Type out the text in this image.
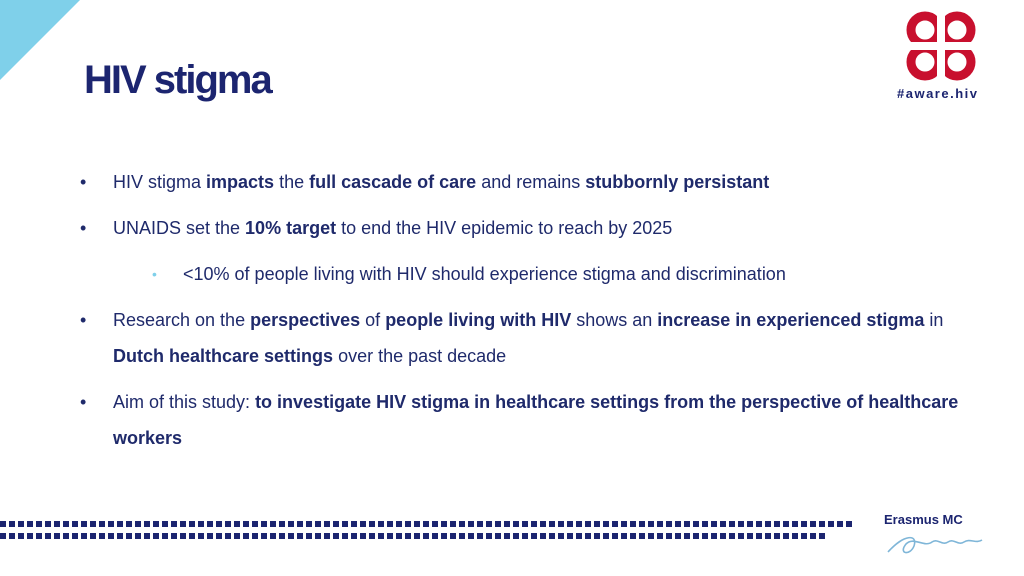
HIV stigma	#aware.hiv
•	HIV stigma impacts the full cascade of care and remains stubbornly persistant
•	UNAIDS set the 10% target to end the HIV epidemic to reach by 2025
• <10% of people living with HIV should experience stigma and discrimination
•	Research on the perspectives of people living with HIV shows an increase in experienced stigma in Dutch healthcare settings over the past decade
•	Aim of this study: to investigate HIV stigma in healthcare settings from the perspective of healthcare workers
Erasmus MC
